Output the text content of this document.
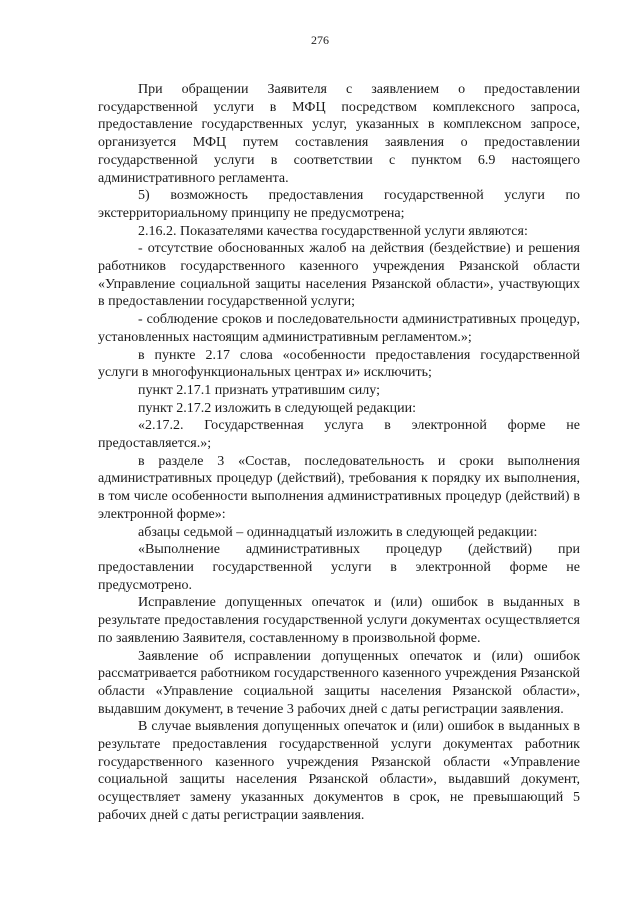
276

При обращении Заявителя с заявлением о предоставлении государственной услуги в МФЦ посредством комплексного запроса, предоставление государственных услуг, указанных в комплексном запросе, организуется МФЦ путем составления заявления о предоставлении государственной услуги в соответствии с пунктом 6.9 настоящего административного регламента.

5) возможность предоставления государственной услуги по экстерриториальному принципу не предусмотрена;

2.16.2. Показателями качества государственной услуги являются:

- отсутствие обоснованных жалоб на действия (бездействие) и решения работников государственного казенного учреждения Рязанской области «Управление социальной защиты населения Рязанской области», участвующих в предоставлении государственной услуги;

- соблюдение сроков и последовательности административных процедур, установленных настоящим административным регламентом.»;

в пункте 2.17 слова «особенности предоставления государственной услуги в многофункциональных центрах и» исключить;

пункт 2.17.1 признать утратившим силу;

пункт 2.17.2 изложить в следующей редакции:

«2.17.2. Государственная услуга в электронной форме не предоставляется.»;

в разделе 3 «Состав, последовательность и сроки выполнения административных процедур (действий), требования к порядку их выполнения, в том числе особенности выполнения административных процедур (действий) в электронной форме»:

абзацы седьмой – одиннадцатый изложить в следующей редакции:

«Выполнение административных процедур (действий) при предоставлении государственной услуги в электронной форме не предусмотрено.

Исправление допущенных опечаток и (или) ошибок в выданных в результате предоставления государственной услуги документах осуществляется по заявлению Заявителя, составленному в произвольной форме.

Заявление об исправлении допущенных опечаток и (или) ошибок рассматривается работником государственного казенного учреждения Рязанской области «Управление социальной защиты населения Рязанской области», выдавшим документ, в течение 3 рабочих дней с даты регистрации заявления.

В случае выявления допущенных опечаток и (или) ошибок в выданных в результате предоставления государственной услуги документах работник государственного казенного учреждения Рязанской области «Управление социальной защиты населения Рязанской области», выдавший документ, осуществляет замену указанных документов в срок, не превышающий 5 рабочих дней с даты регистрации заявления.
